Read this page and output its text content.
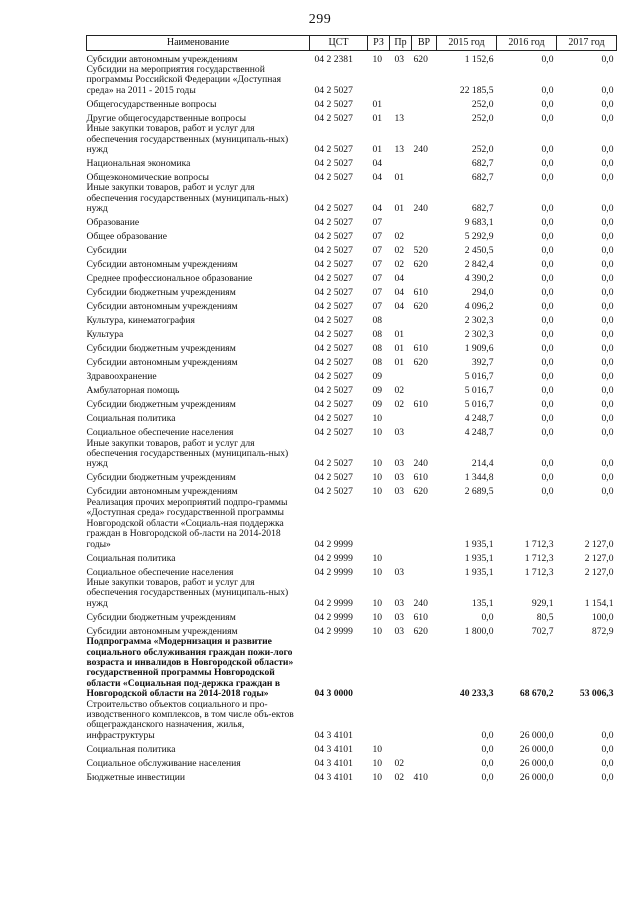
299
Наименование	ЦСТ	РЗ	Пр	ВР	2015 год	2016 год	2017 год
Субсидии автономным учреждениям	04 2 2381	10	03	620	1 152,6	0,0	0,0
Субсидии на мероприятия государственной программы Российской Федерации «Доступная среда» на 2011 - 2015 годы	04 2 5027				22 185,5	0,0	0,0
Общегосударственные вопросы	04 2 5027	01			252,0	0,0	0,0
Другие общегосударственные вопросы	04 2 5027	01	13		252,0	0,0	0,0
Иные закупки товаров, работ и услуг для обеспечения государственных (муниципаль-ных) нужд	04 2 5027	01	13	240	252,0	0,0	0,0
Национальная экономика	04 2 5027	04			682,7	0,0	0,0
Общеэкономические вопросы	04 2 5027	04	01		682,7	0,0	0,0
Иные закупки товаров, работ и услуг для обеспечения государственных (муниципаль-ных) нужд	04 2 5027	04	01	240	682,7	0,0	0,0
Образование	04 2 5027	07			9 683,1	0,0	0,0
Общее образование	04 2 5027	07	02		5 292,9	0,0	0,0
Субсидии	04 2 5027	07	02	520	2 450,5	0,0	0,0
Субсидии автономным учреждениям	04 2 5027	07	02	620	2 842,4	0,0	0,0
Среднее профессиональное образование	04 2 5027	07	04		4 390,2	0,0	0,0
Субсидии бюджетным учреждениям	04 2 5027	07	04	610	294,0	0,0	0,0
Субсидии автономным учреждениям	04 2 5027	07	04	620	4 096,2	0,0	0,0
Культура, кинематография	04 2 5027	08			2 302,3	0,0	0,0
Культура	04 2 5027	08	01		2 302,3	0,0	0,0
Субсидии бюджетным учреждениям	04 2 5027	08	01	610	1 909,6	0,0	0,0
Субсидии автономным учреждениям	04 2 5027	08	01	620	392,7	0,0	0,0
Здравоохранение	04 2 5027	09			5 016,7	0,0	0,0
Амбулаторная помощь	04 2 5027	09	02		5 016,7	0,0	0,0
Субсидии бюджетным учреждениям	04 2 5027	09	02	610	5 016,7	0,0	0,0
Социальная политика	04 2 5027	10			4 248,7	0,0	0,0
Социальное обеспечение населения	04 2 5027	10	03		4 248,7	0,0	0,0
Иные закупки товаров, работ и услуг для обеспечения государственных (муниципаль-ных) нужд	04 2 5027	10	03	240	214,4	0,0	0,0
Субсидии бюджетным учреждениям	04 2 5027	10	03	610	1 344,8	0,0	0,0
Субсидии автономным учреждениям	04 2 5027	10	03	620	2 689,5	0,0	0,0
Реализация прочих мероприятий подпро-граммы «Доступная среда» государственной программы Новгородской области «Социаль-ная поддержка граждан в Новгородской об-ласти на 2014-2018 годы»	04 2 9999				1 935,1	1 712,3	2 127,0
Социальная политика	04 2 9999	10			1 935,1	1 712,3	2 127,0
Социальное обеспечение населения	04 2 9999	10	03		1 935,1	1 712,3	2 127,0
Иные закупки товаров, работ и услуг для обеспечения государственных (муниципаль-ных) нужд	04 2 9999	10	03	240	135,1	929,1	1 154,1
Субсидии бюджетным учреждениям	04 2 9999	10	03	610	0,0	80,5	100,0
Субсидии автономным учреждениям	04 2 9999	10	03	620	1 800,0	702,7	872,9
Подпрограмма «Модернизация и развитие социального обслуживания граждан пожи-лого возраста и инвалидов в Новгородской области» государственной программы Новгородской области «Социальная под-держка граждан в Новгородской области на 2014-2018 годы»	04 3 0000				40 233,3	68 670,2	53 006,3
Строительство объектов социального и про-изводственного комплексов, в том числе объ-ектов общегражданского назначения, жилья, инфраструктуры	04 3 4101				0,0	26 000,0	0,0
Социальная политика	04 3 4101	10			0,0	26 000,0	0,0
Социальное обслуживание населения	04 3 4101	10	02		0,0	26 000,0	0,0
Бюджетные инвестиции	04 3 4101	10	02	410	0,0	26 000,0	0,0
